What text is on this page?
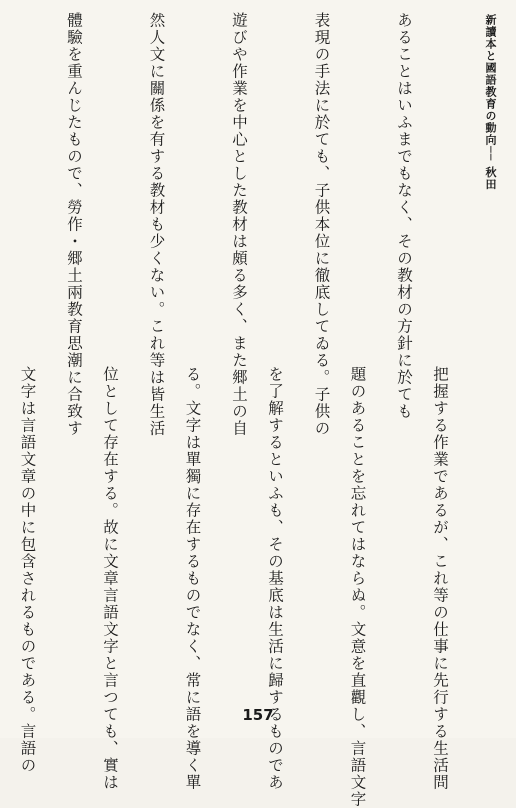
新讀本と國語教育の動向── 秋田

あることはいふまでもなく、その教材の方針に於ても

表現の手法に於ても、子供本位に徹底してゐる。子供の

遊びや作業を中心とした教材は頗る多く、また郷土の自

然人文に關係を有する教材も少くない。これ等は皆生活

體驗を重んじたもので、勞作・郷土兩教育思潮に合致す

把握する作業であるが、これ等の仕事に先行する生活問

題のあることを忘れてはならぬ。文意を直觀し、言語文字

を了解するといふも、その基底は生活に歸するものであ

る。文字は單獨に存在するものでなく、常に語を導く單

位として存在する。故に文章言語文字と言つても、實は

文字は言語文章の中に包含されるものである。言語の

	157
